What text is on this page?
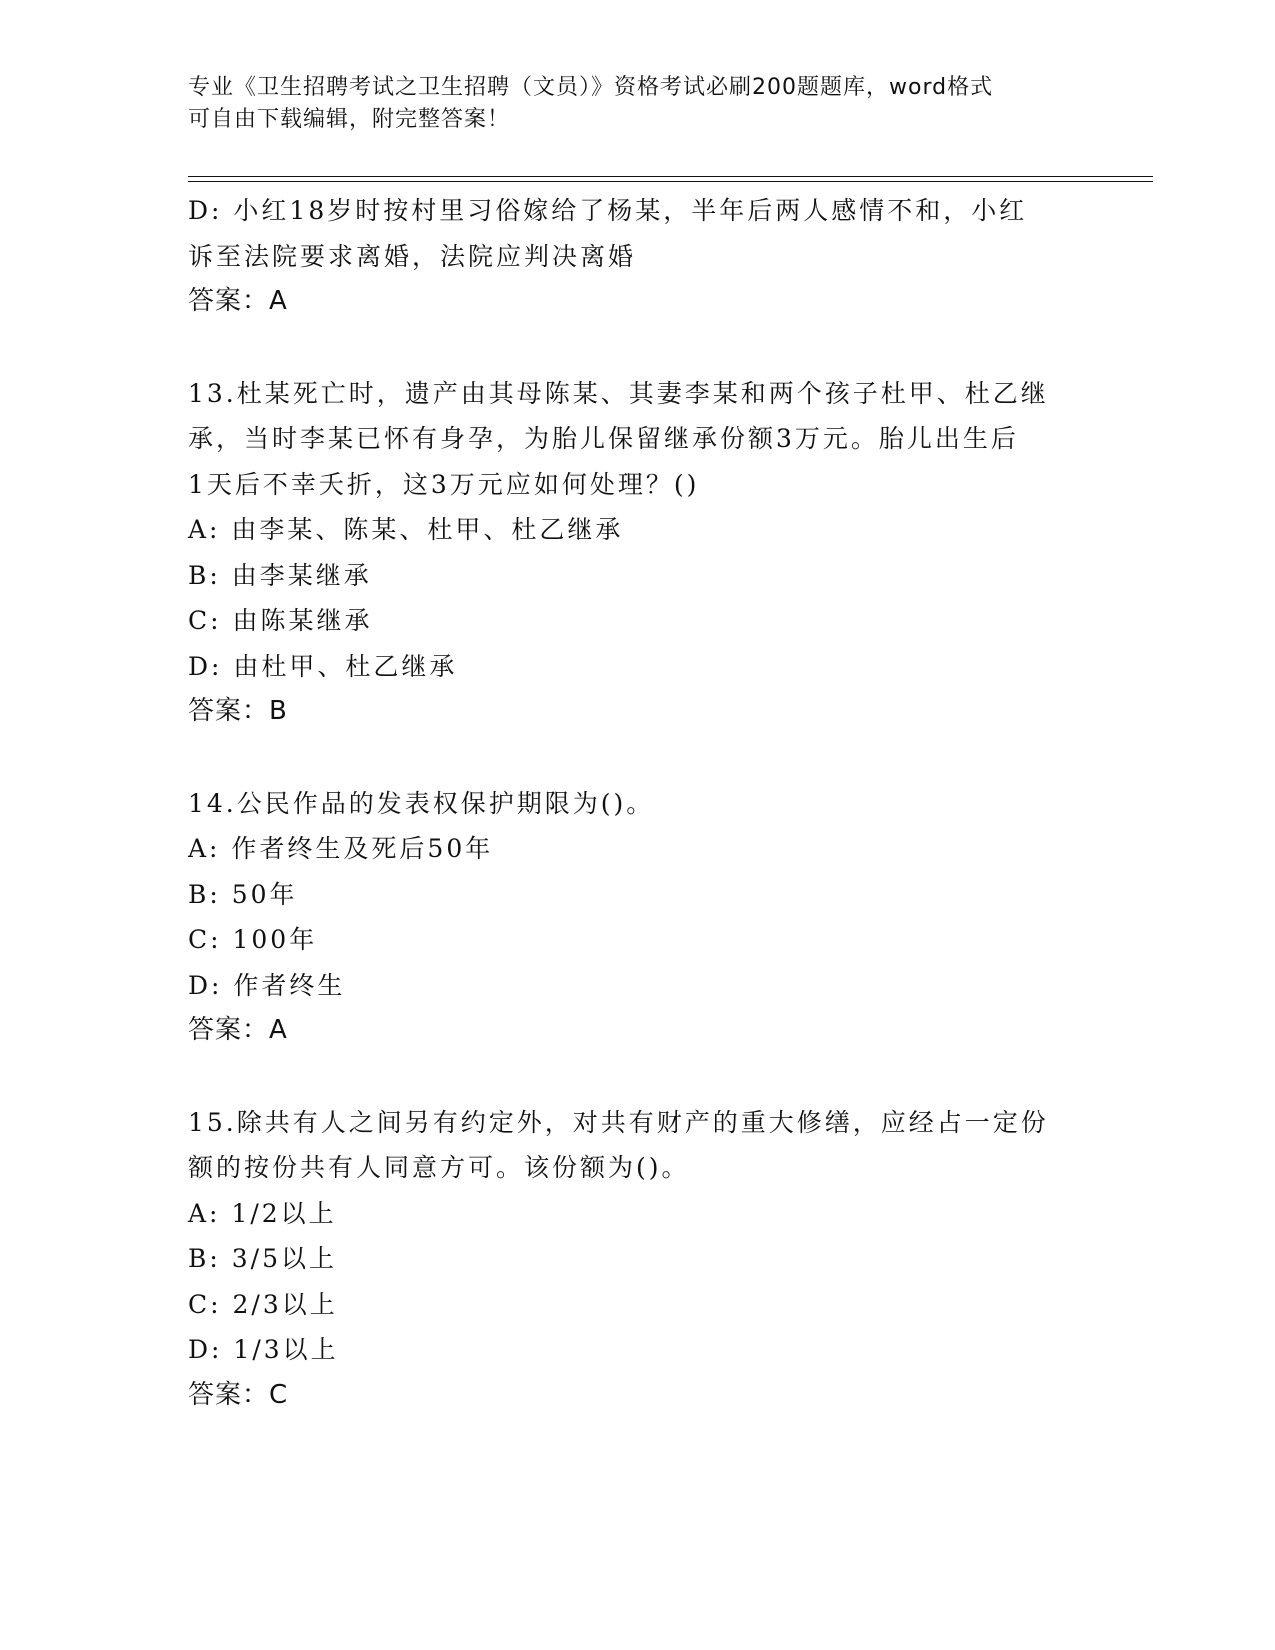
专业《卫生招聘考试之卫生招聘（文员）》资格考试必刷200题题库，word格式
可自由下载编辑，附完整答案！
D: 小红18岁时按村里习俗嫁给了杨某，半年后两人感情不和，小红
诉至法院要求离婚，法院应判决离婚
答案：A
13.杜某死亡时，遗产由其母陈某、其妻李某和两个孩子杜甲、杜乙继
承，当时李某已怀有身孕，为胎儿保留继承份额3万元。胎儿出生后
1天后不幸夭折，这3万元应如何处理？()
A: 由李某、陈某、杜甲、杜乙继承
B: 由李某继承
C: 由陈某继承
D: 由杜甲、杜乙继承
答案：B
14.公民作品的发表权保护期限为()。
A: 作者终生及死后50年
B: 50年
C: 100年
D: 作者终生
答案：A
15.除共有人之间另有约定外，对共有财产的重大修缮，应经占一定份
额的按份共有人同意方可。该份额为()。
A: 1/2以上
B: 3/5以上
C: 2/3以上
D: 1/3以上
答案：C
